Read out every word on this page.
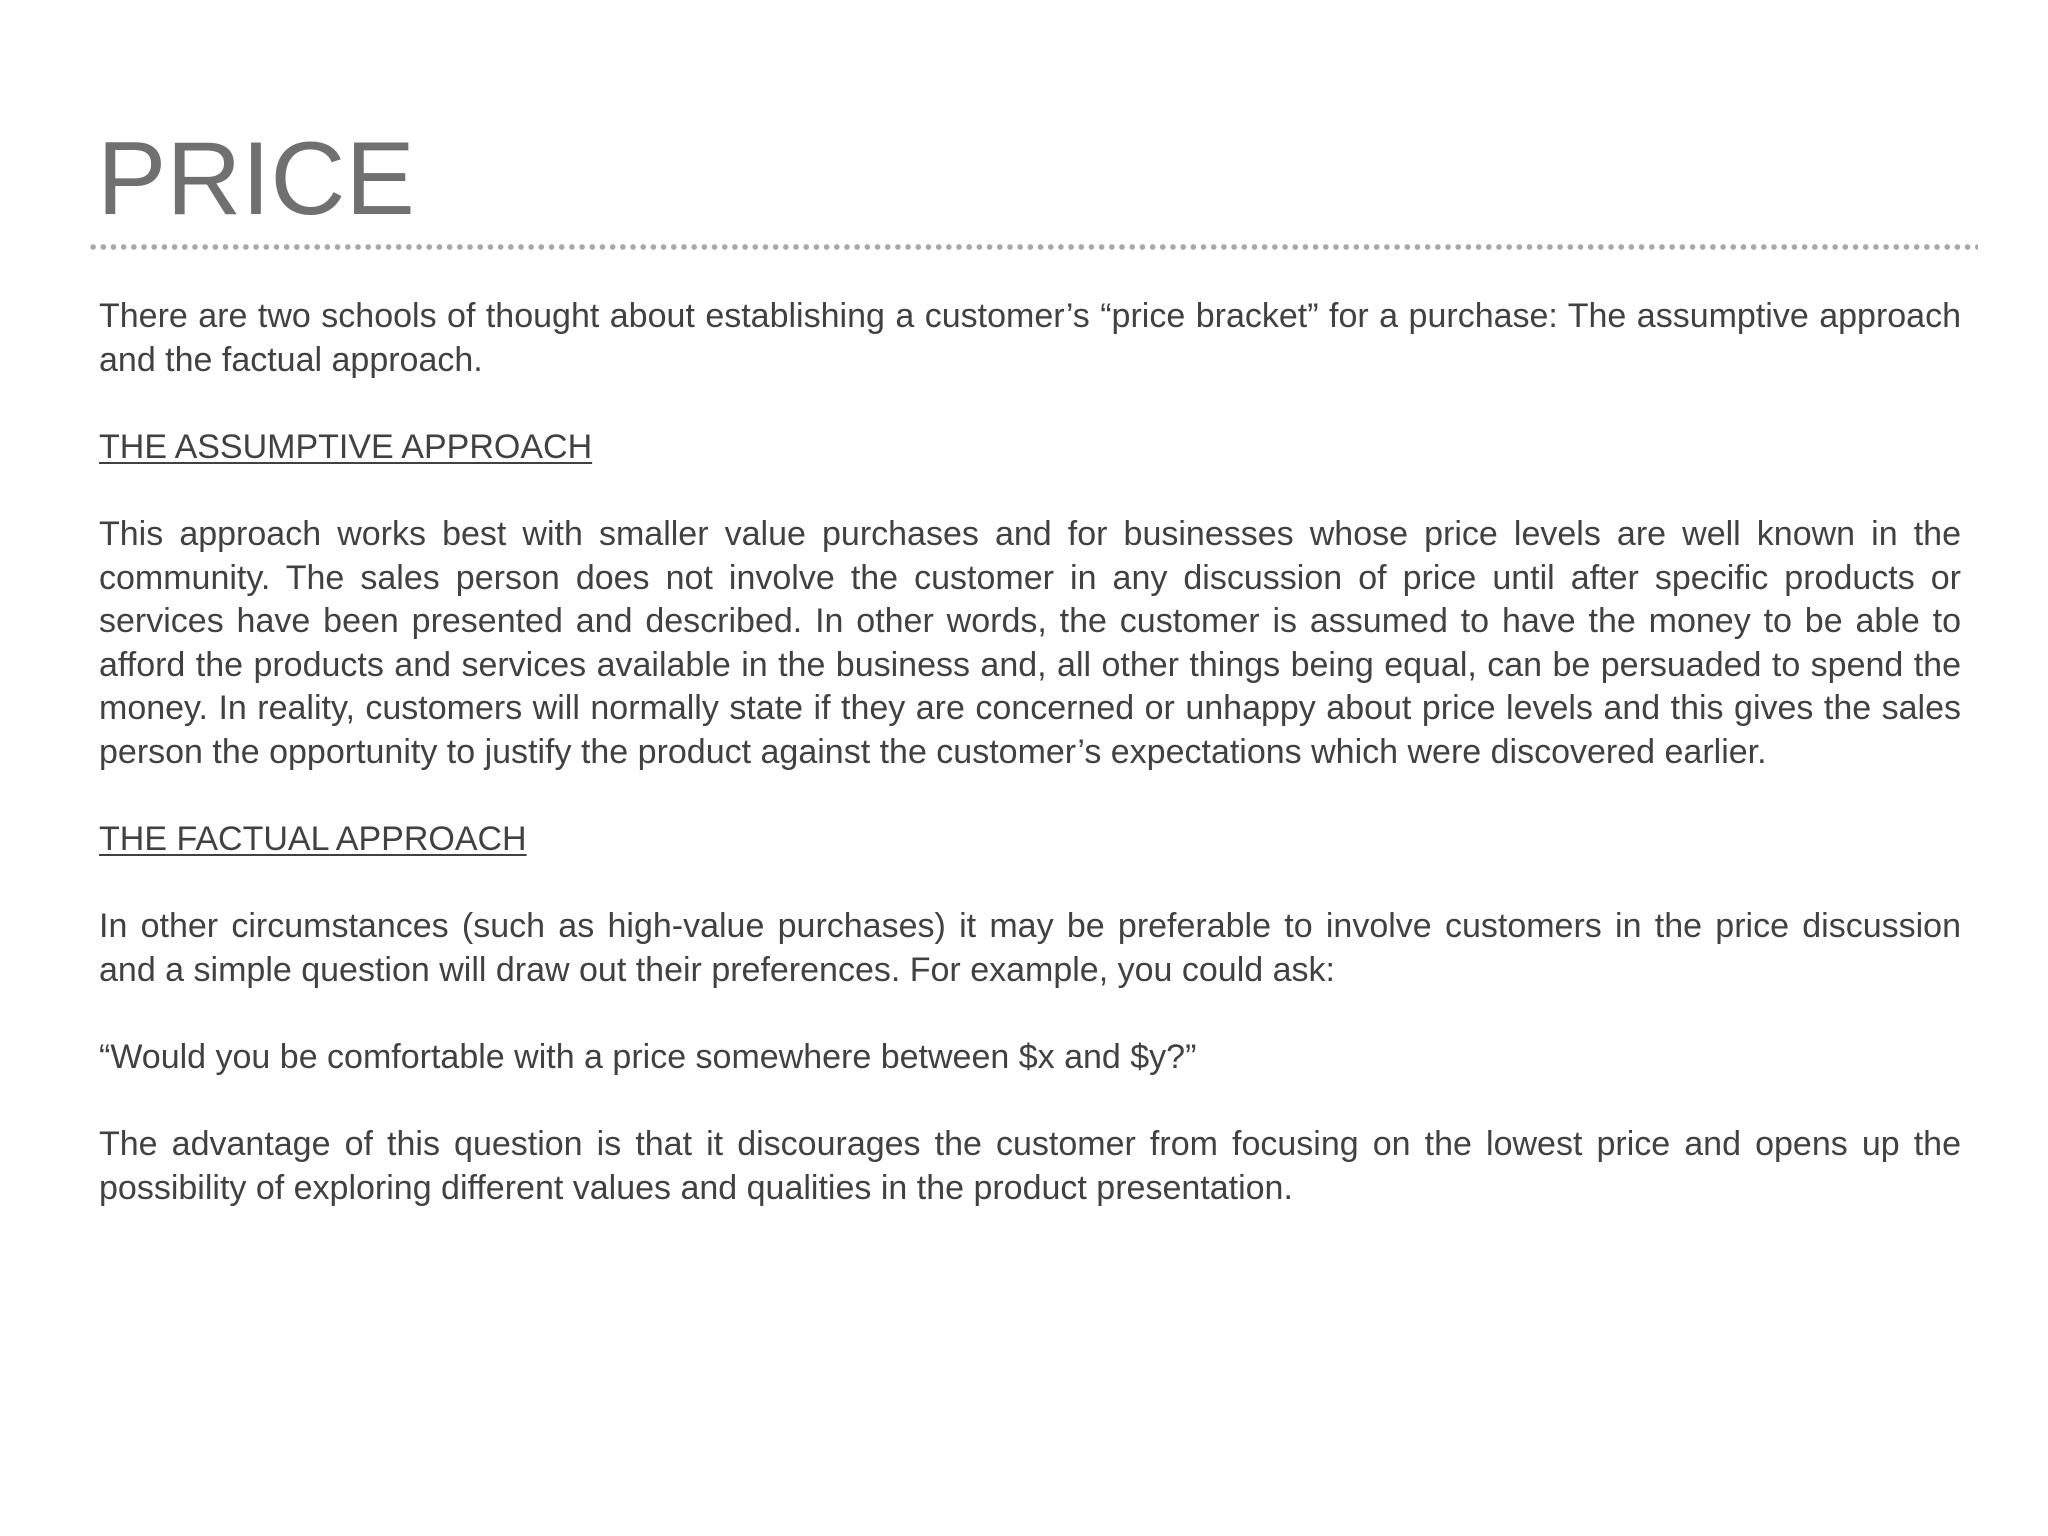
PRICE

There are two schools of thought about establishing a customer’s “price bracket” for a purchase: The assumptive approach and the factual approach.

THE ASSUMPTIVE APPROACH

This approach works best with smaller value purchases and for businesses whose price levels are well known in the community. The sales person does not involve the customer in any discussion of price until after specific products or services have been presented and described. In other words, the customer is assumed to have the money to be able to afford the products and services available in the business and, all other things being equal, can be persuaded to spend the money. In reality, customers will normally state if they are concerned or unhappy about price levels and this gives the sales person the opportunity to justify the product against the customer’s expectations which were discovered earlier.

THE FACTUAL APPROACH

In other circumstances (such as high-value purchases) it may be preferable to involve customers in the price discussion and a simple question will draw out their preferences. For example, you could ask:

“Would you be comfortable with a price somewhere between $x and $y?”

The advantage of this question is that it discourages the customer from focusing on the lowest price and opens up the possibility of exploring different values and qualities in the product presentation.
